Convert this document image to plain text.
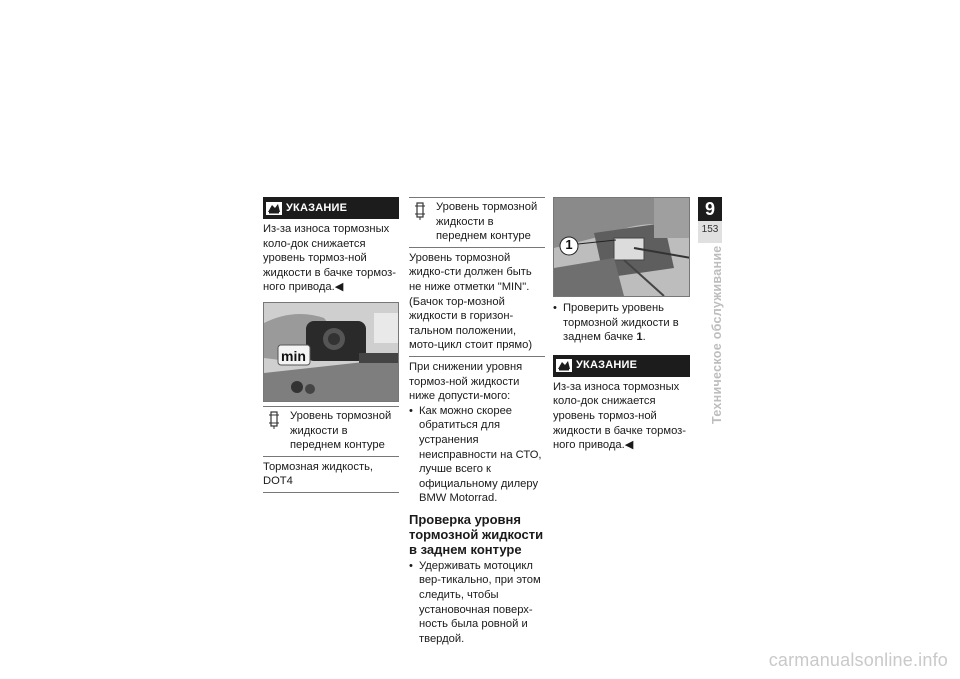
УКАЗАНИЕ

Из-за износа тормозных коло-док снижается уровень тормоз-ной жидкости в бачке тормоз-ного привода.◀

min
Уровень тормозной жидкости в переднем контуре
Тормозная жидкость, DOT4
Уровень тормозной жидкости в переднем контуре
Уровень тормозной жидко-сти должен быть не ниже отметки "MIN". (Бачок тор-мозной жидкости в горизон-тальном положении, мото-цикл стоит прямо)

При снижении уровня тормоз-ной жидкости ниже допусти-мого:

• Как можно скорее обратиться для устранения неисправности на СТО, лучше всего к официальному дилеру BMW Motorrad.
Проверка уровня тормозной жидкости в заднем контуре
• Удерживать мотоцикл вер-тикально, при этом следить, чтобы установочная поверх-ность была ровной и твердой.
1
• Проверить уровень тормозной жидкости в заднем бачке 1.
УКАЗАНИЕ

Из-за износа тормозных коло-док снижается уровень тормоз-ной жидкости в бачке тормоз-ного привода.◀

9
153
Техническое обслуживание
carmanualsonline.info
